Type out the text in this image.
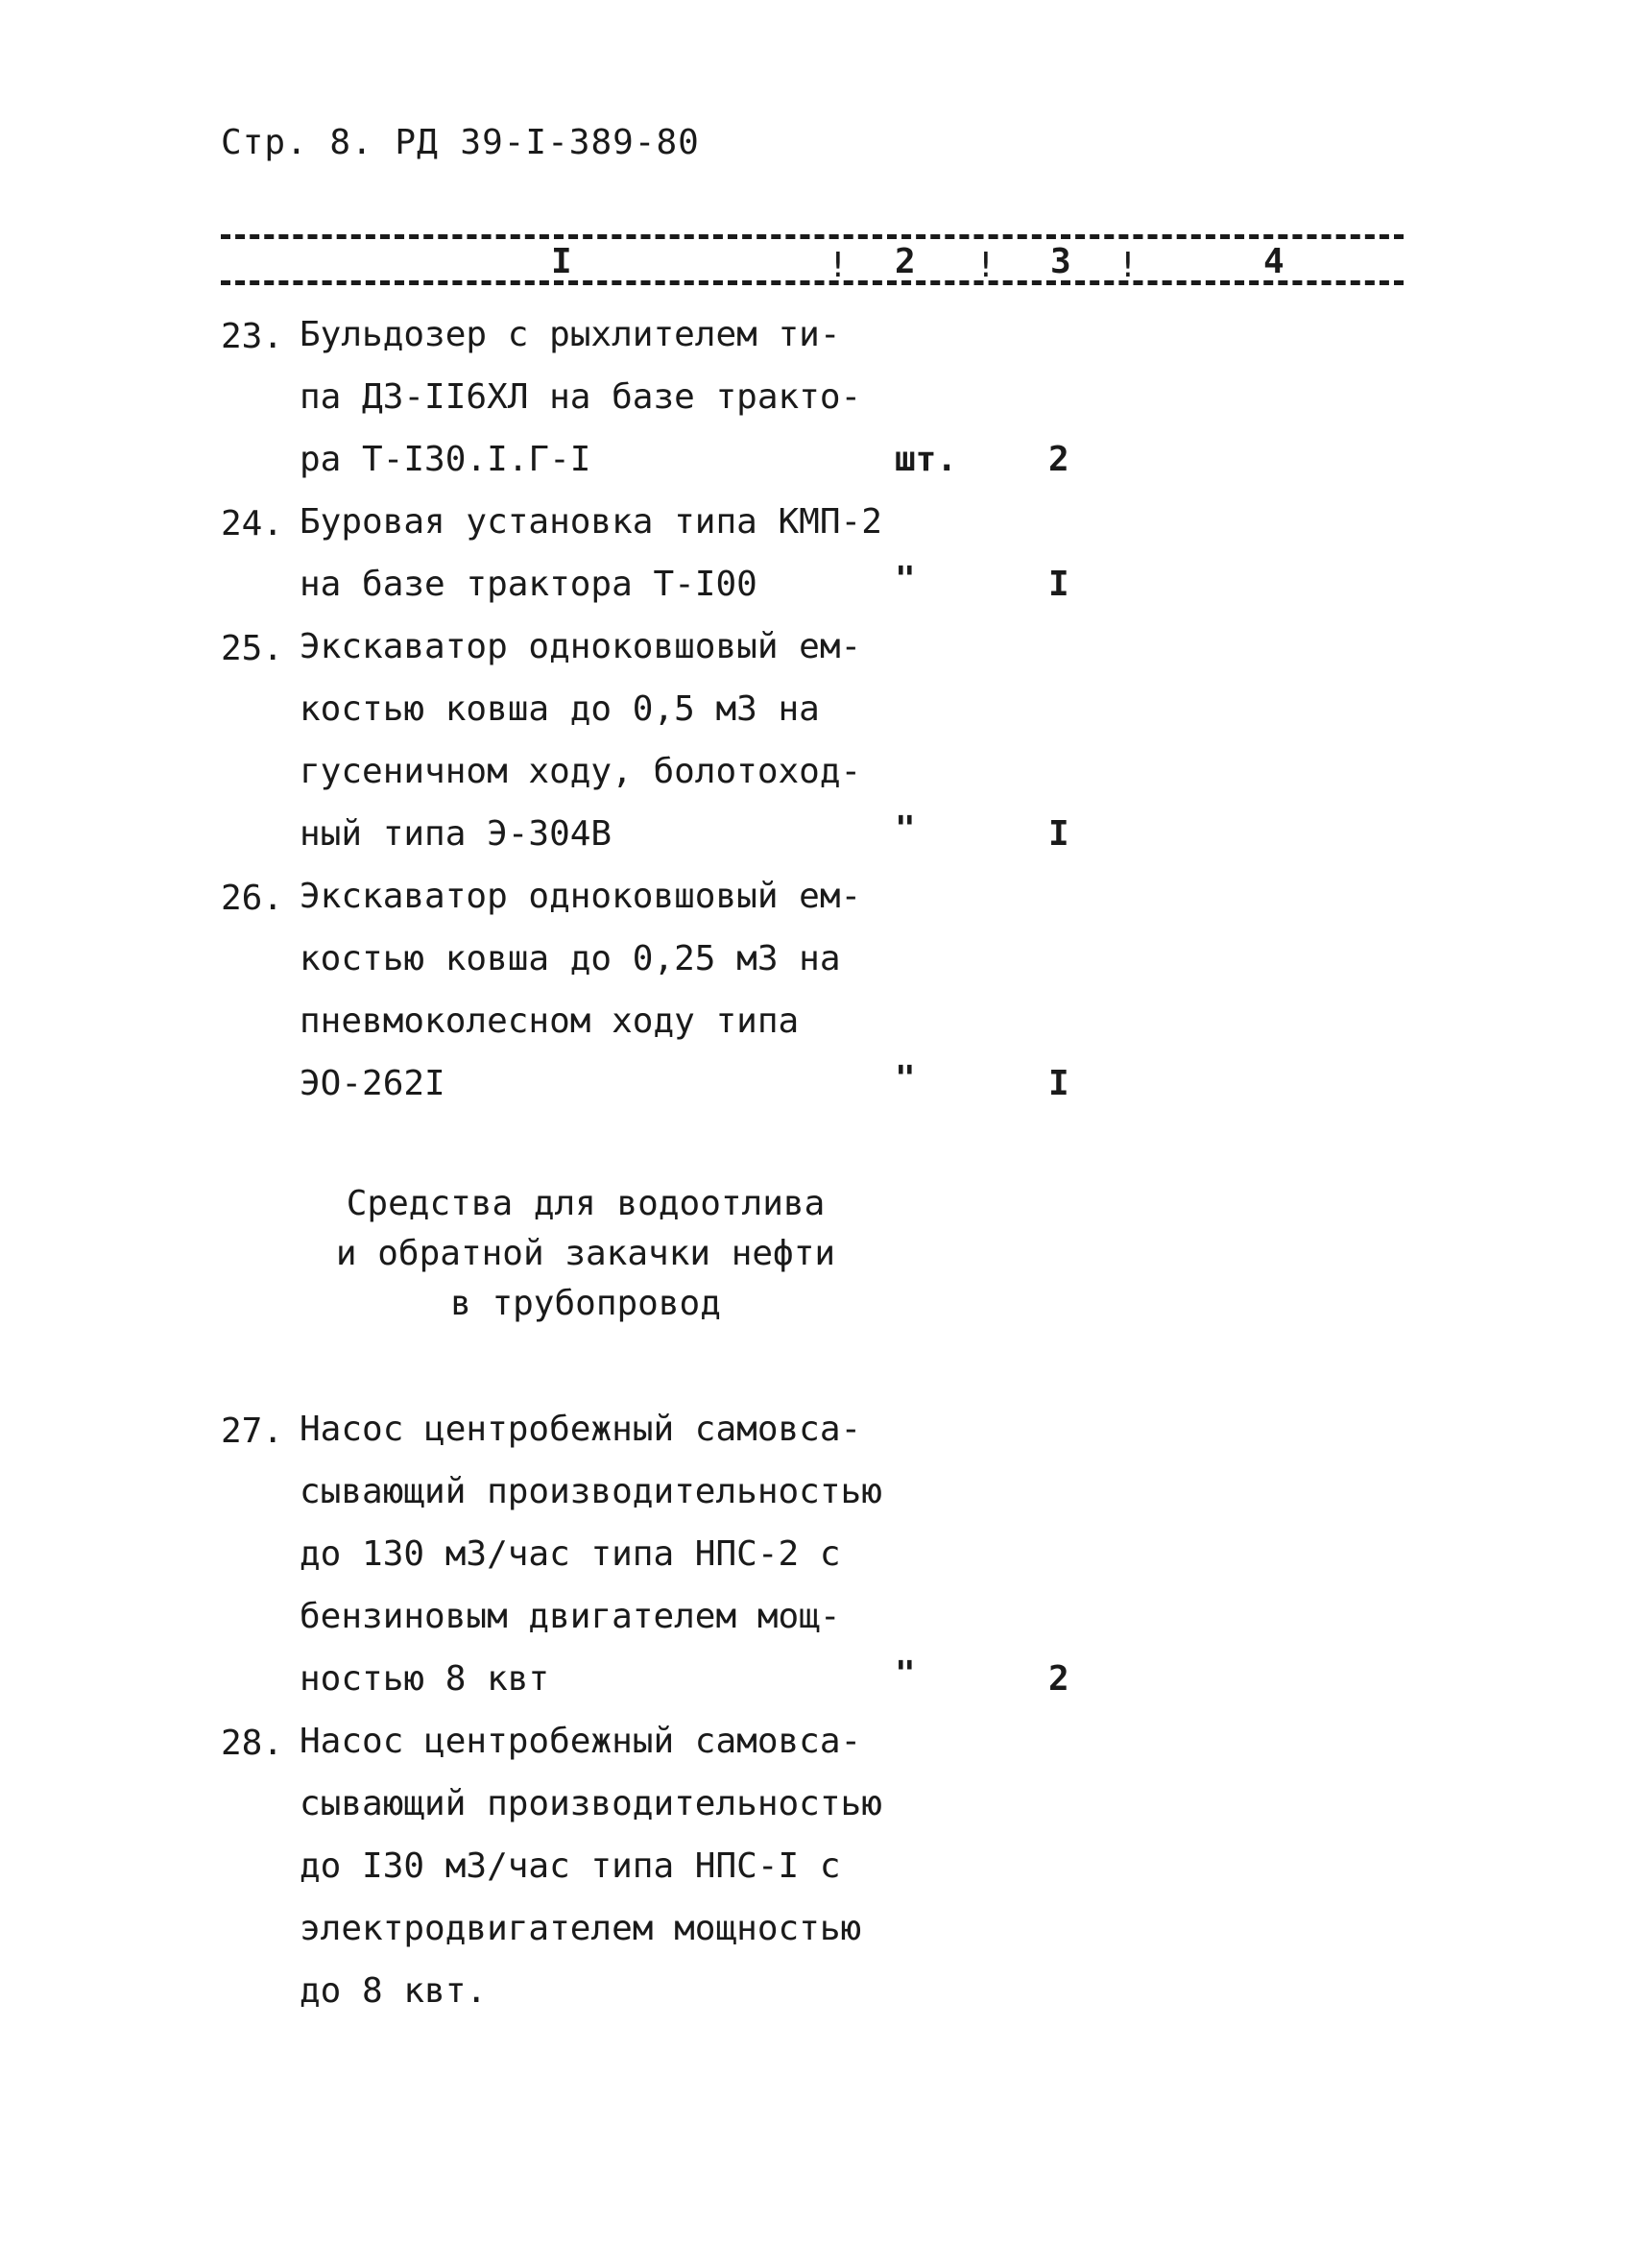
Стр. 8. РД 39-I-389-80
I	! 2 ! 3 !	4
23. Бульдозер с рыхлителем ти-
па ДЗ-II6ХЛ на базе тракто-
ра Т-I30.I.Г-I	шт.	2
24. Буровая установка типа КМП-2
на базе трактора Т-I00	"	I
25. Экскаватор одноковшовый ем-
костью ковша до 0,5 м3 на
гусеничном ходу, болотоход-
ный типа Э-304В	"	I
26. Экскаватор одноковшовый ем-
костью ковша до 0,25 м3 на
пневмоколесном ходу типа
ЭО-262I	"	I
Средства для водоотлива
и обратной закачки нефти
в трубопровод
27. Насос центробежный самовса-
сывающий производительностью
до 130 м3/час типа НПС-2 с
бензиновым двигателем мощ-
ностью 8 квт	"	2
28. Насос центробежный самовса-
сывающий производительностью
до I30 м3/час типа НПС-I с
электродвигателем мощностью
до 8 квт.
